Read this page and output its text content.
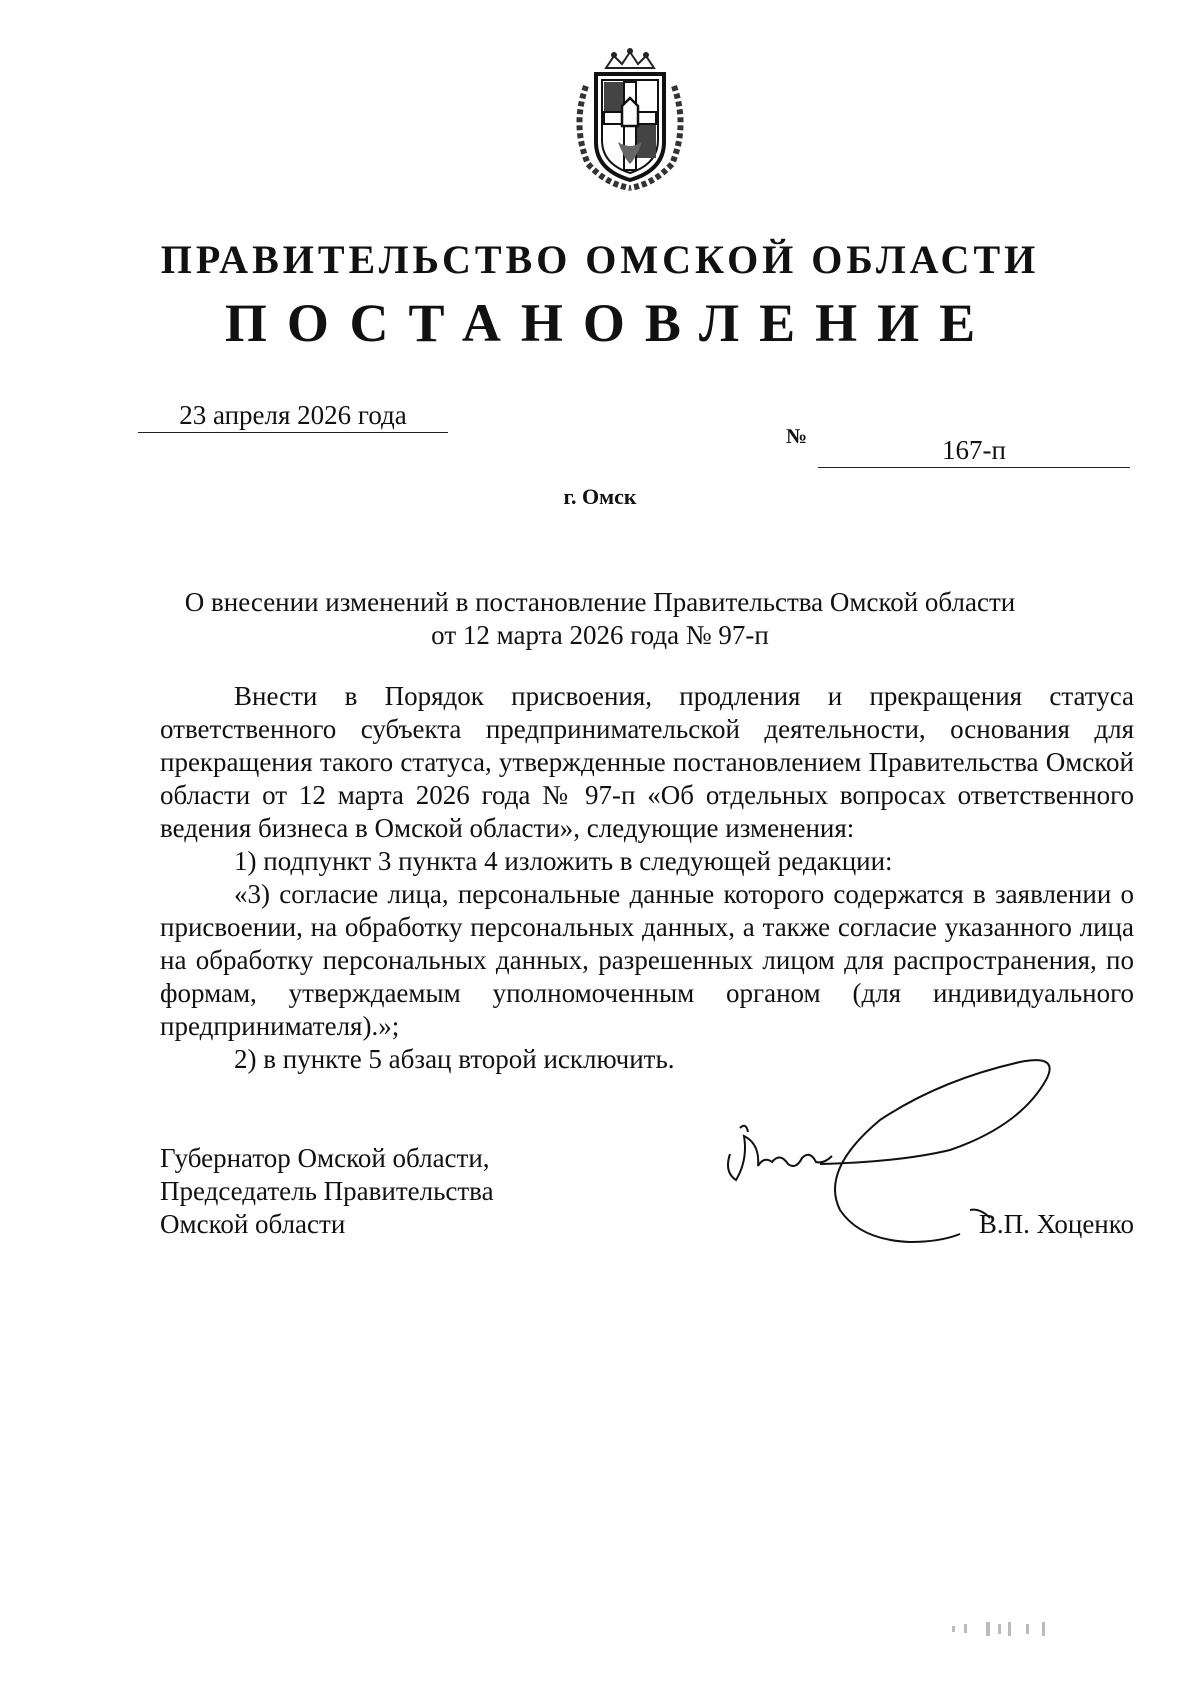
ПРАВИТЕЛЬСТВО ОМСКОЙ ОБЛАСТИ
ПОСТАНОВЛЕНИЕ
23 апреля 2026 года
№	167-п
г. Омск
О внесении изменений в постановление Правительства Омской области
от 12 марта 2026 года № 97-п

Внести в Порядок присвоения, продления и прекращения статуса ответственного субъекта предпринимательской деятельности, основания для прекращения такого статуса, утвержденные постановлением Правительства Омской области от 12 марта 2026 года № 97-п «Об отдельных вопросах ответственного ведения бизнеса в Омской области», следующие изменения:

1) подпункт 3 пункта 4 изложить в следующей редакции:

«3) согласие лица, персональные данные которого содержатся в заявлении о присвоении, на обработку персональных данных, а также согласие указанного лица на обработку персональных данных, разрешенных лицом для распространения, по формам, утверждаемым уполномоченным органом (для индивидуального предпринимателя).»;

2) в пункте 5 абзац второй исключить.

Губернатор Омской области,
Председатель Правительства
Омской области	В.П. Хоценко
